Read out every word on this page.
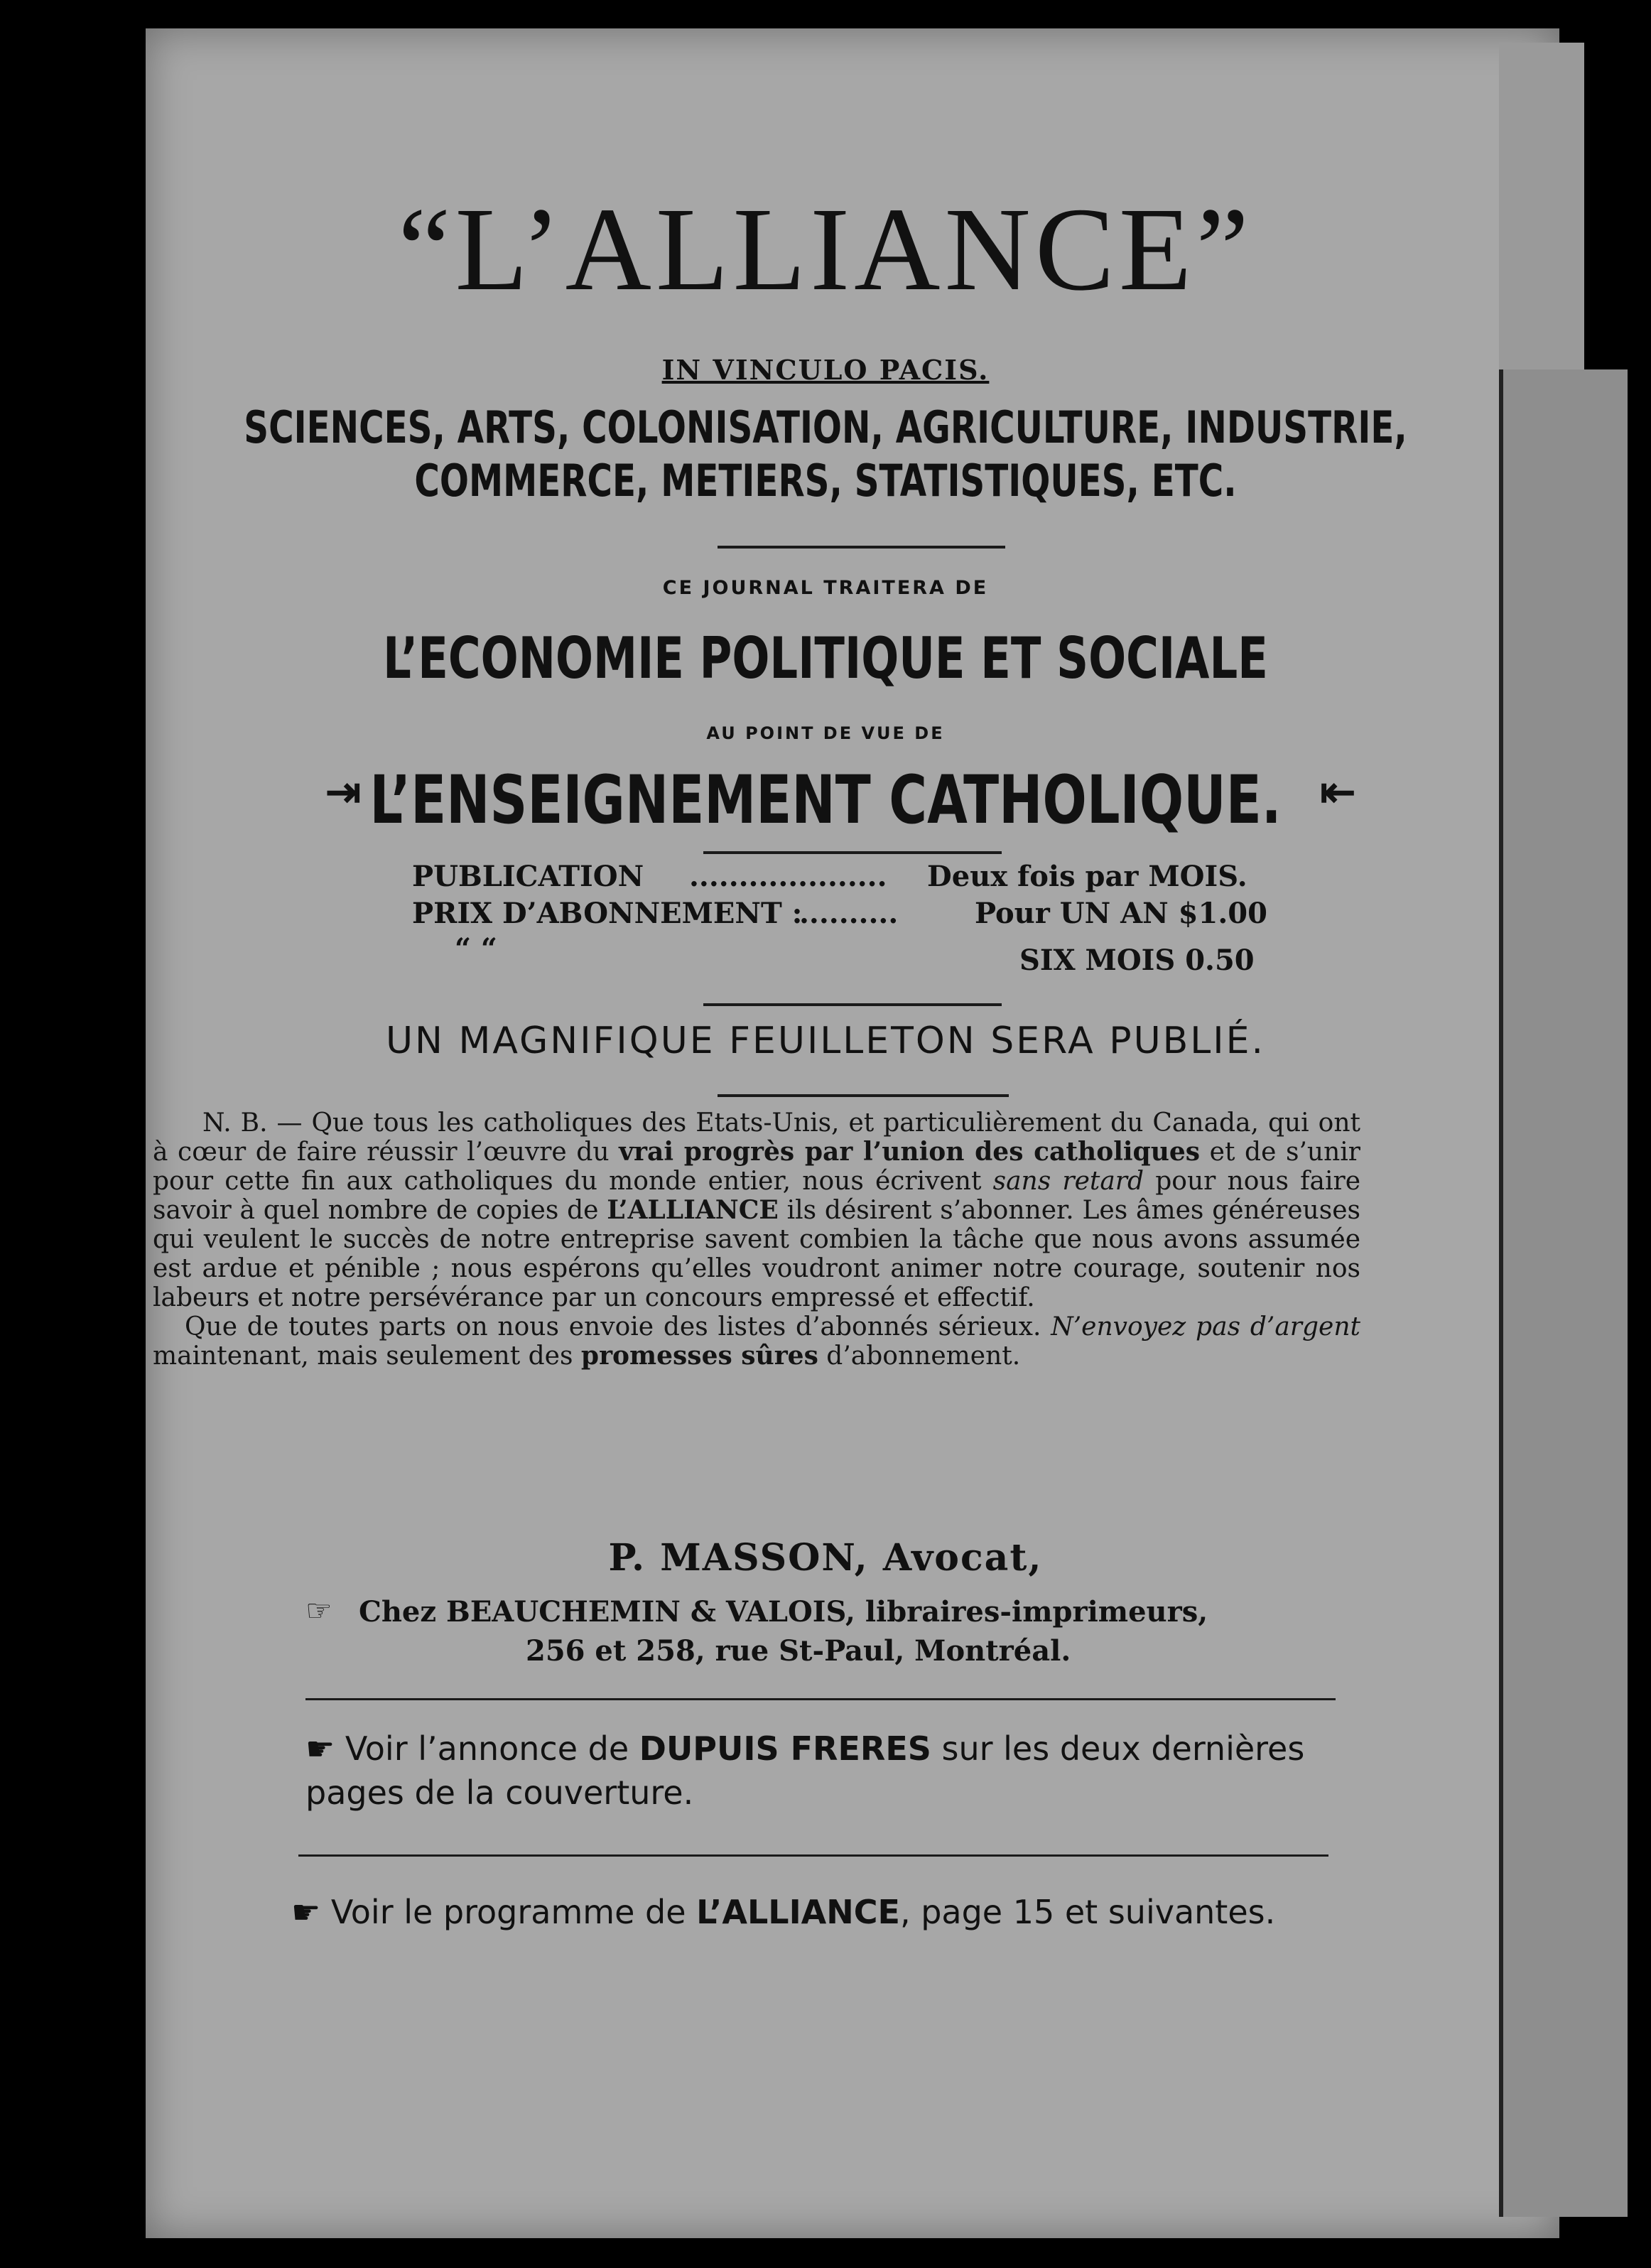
“L’ALLIANCE”
IN VINCULO PACIS.
SCIENCES, ARTS, COLONISATION, AGRICULTURE, INDUSTRIE,
COMMERCE, METIERS, STATISTIQUES, ETC.
CE JOURNAL TRAITERA DE
L’ECONOMIE POLITIQUE ET SOCIALE
AU POINT DE VUE DE
⇥ L’ENSEIGNEMENT CATHOLIQUE. ⇤
PUBLICATION .................... Deux fois par MOIS.
PRIX D’ABONNEMENT :
..........	Pour UN AN $1.00
“ “	SIX MOIS 0.50
UN MAGNIFIQUE FEUILLETON SERA PUBLIÉ.

N. B. — Que tous les catholiques des Etats-Unis, et particulièrement du Canada, qui ont à cœur de faire réussir l’œuvre du vrai progrès par l’union des catholiques et de s’unir pour cette fin aux catholiques du monde entier, nous écrivent sans retard pour nous faire savoir à quel nombre de copies de L’ALLIANCE ils désirent s’abonner. Les âmes généreuses qui veulent le succès de notre entreprise savent combien la tâche que nous avons assumée est ardue et pénible ; nous espérons qu’elles voudront animer notre courage, soutenir nos labeurs et notre persévérance par un concours empressé et effectif.

Que de toutes parts on nous envoie des listes d’abonnés sérieux. N’envoyez pas d’argent maintenant, mais seulement des promesses sûres d’abonnement.

P. MASSON, Avocat,
☞ Chez BEAUCHEMIN & VALOIS, libraires-imprimeurs,
256 et 258, rue St-Paul, Montréal.
☛ Voir l’annonce de DUPUIS FRERES sur les deux dernières pages de la couverture.
☛ Voir le programme de L’ALLIANCE, page 15 et suivantes.
